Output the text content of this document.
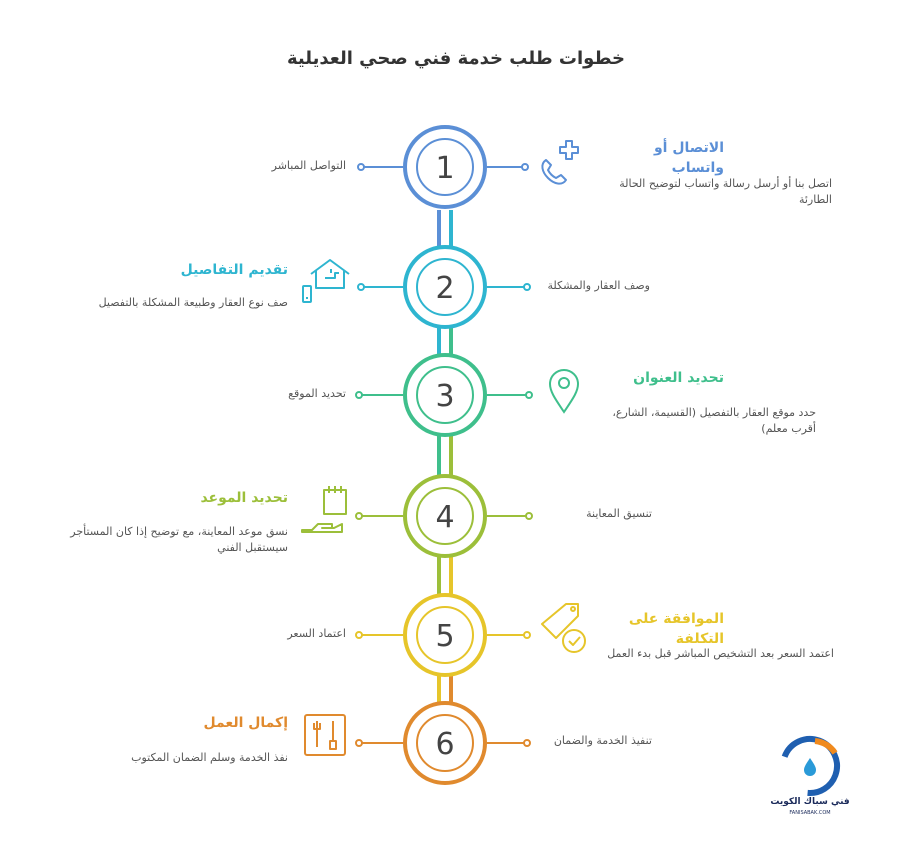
1
2
3
4
5
6
خطوات طلب خدمة فني صحي العديلية
التواصل المباشر
الاتصال أو واتساب
اتصل بنا أو أرسل رسالة واتساب لتوضيح الحالة الطارئة
وصف العقار والمشكلة
تقديم التفاصيل
صف نوع العقار وطبيعة المشكلة بالتفصيل
تحديد الموقع
تحديد العنوان
حدد موقع العقار بالتفصيل (القسيمة، الشارع، أقرب معلم)
تنسيق المعاينة
تحديد الموعد
نسق موعد المعاينة، مع توضيح إذا كان المستأجر سيستقبل الفني
اعتماد السعر
الموافقة على التكلفة
اعتمد السعر بعد التشخيص المباشر قبل بدء العمل
تنفيذ الخدمة والضمان
إكمال العمل
نفذ الخدمة وسلم الضمان المكتوب
فني سباك الكويت
FANISABAK.COM
